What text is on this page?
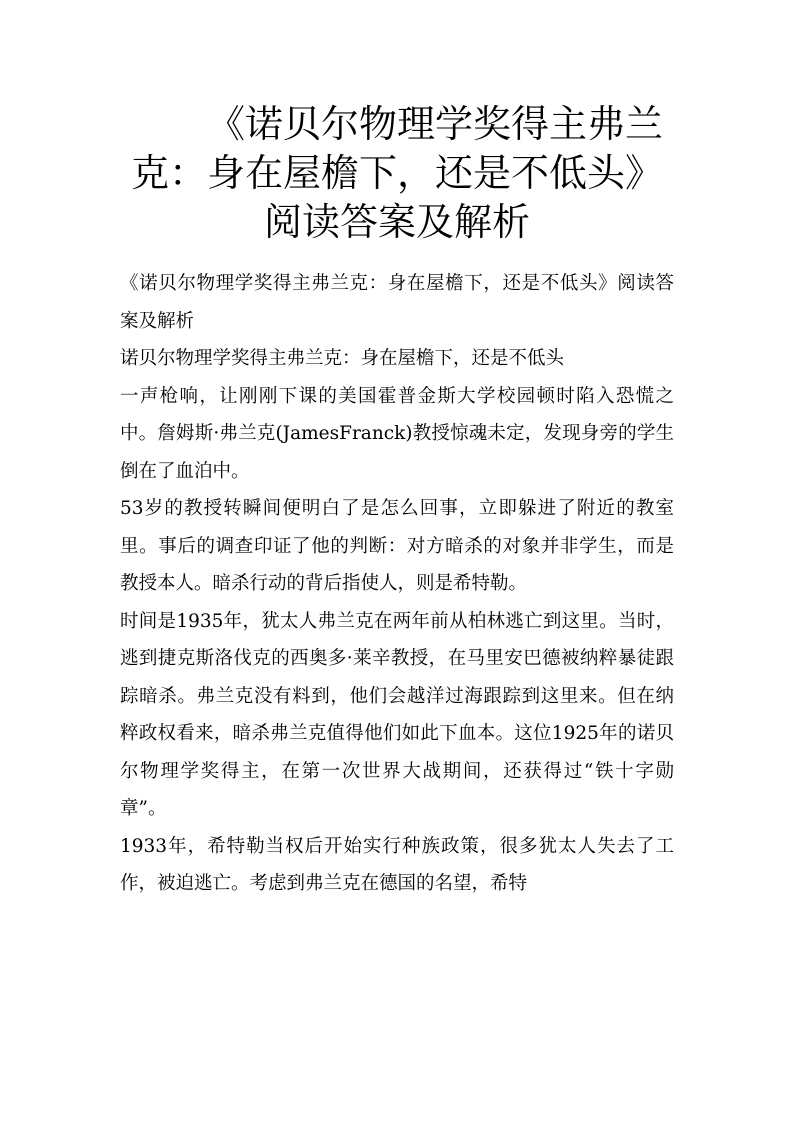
《诺贝尔物理学奖得主弗兰克：身在屋檐下，还是不低头》阅读答案及解析

《诺贝尔物理学奖得主弗兰克：身在屋檐下，还是不低头》阅读答案及解析

诺贝尔物理学奖得主弗兰克：身在屋檐下，还是不低头

一声枪响，让刚刚下课的美国霍普金斯大学校园顿时陷入恐慌之中。詹姆斯·弗兰克(JamesFranck)教授惊魂未定，发现身旁的学生倒在了血泊中。

53岁的教授转瞬间便明白了是怎么回事，立即躲进了附近的教室里。事后的调查印证了他的判断：对方暗杀的对象并非学生，而是教授本人。暗杀行动的背后指使人，则是希特勒。

时间是1935年，犹太人弗兰克在两年前从柏林逃亡到这里。当时，逃到捷克斯洛伐克的西奥多·莱辛教授，在马里安巴德被纳粹暴徒跟踪暗杀。弗兰克没有料到，他们会越洋过海跟踪到这里来。但在纳粹政权看来，暗杀弗兰克值得他们如此下血本。这位1925年的诺贝尔物理学奖得主，在第一次世界大战期间，还获得过“铁十字勋章”。

1933年，希特勒当权后开始实行种族政策，很多犹太人失去了工作，被迫逃亡。考虑到弗兰克在德国的名望，希特
